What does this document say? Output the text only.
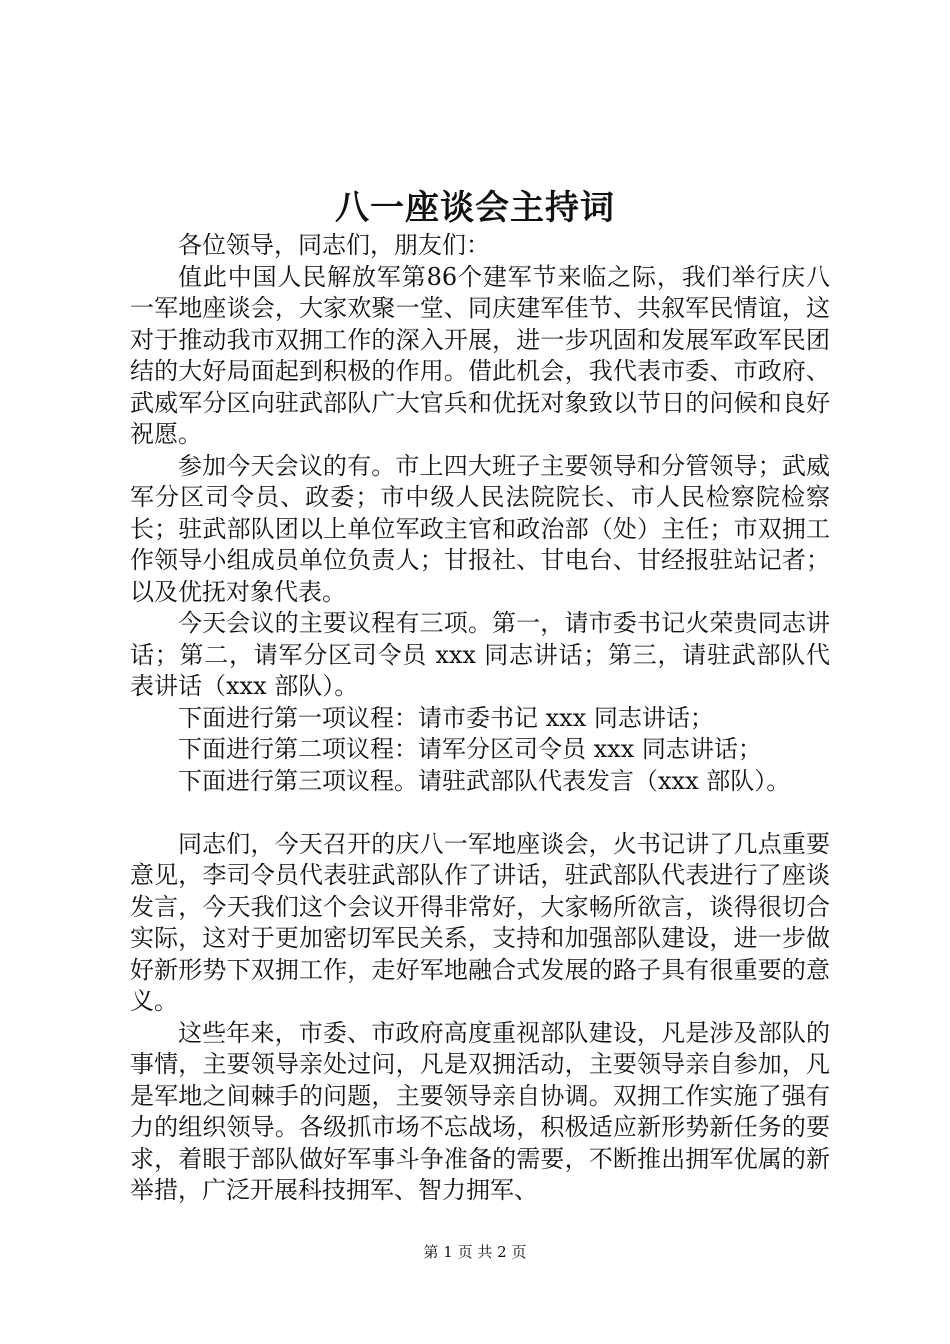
八一座谈会主持词

各位领导，同志们，朋友们：

值此中国人民解放军第86个建军节来临之际，我们举行庆八一军地座谈会，大家欢聚一堂、同庆建军佳节、共叙军民情谊，这对于推动我市双拥工作的深入开展，进一步巩固和发展军政军民团结的大好局面起到积极的作用。借此机会，我代表市委、市政府、武威军分区向驻武部队广大官兵和优抚对象致以节日的问候和良好祝愿。

参加今天会议的有。市上四大班子主要领导和分管领导；武威军分区司令员、政委；市中级人民法院院长、市人民检察院检察长；驻武部队团以上单位军政主官和政治部（处）主任；市双拥工作领导小组成员单位负责人；甘报社、甘电台、甘经报驻站记者；以及优抚对象代表。

今天会议的主要议程有三项。第一，请市委书记火荣贵同志讲话；第二，请军分区司令员 xxx 同志讲话；第三，请驻武部队代表讲话（xxx 部队）。

下面进行第一项议程：请市委书记 xxx 同志讲话；

下面进行第二项议程：请军分区司令员 xxx 同志讲话；

下面进行第三项议程。请驻武部队代表发言（xxx 部队）。

同志们，今天召开的庆八一军地座谈会，火书记讲了几点重要意见，李司令员代表驻武部队作了讲话，驻武部队代表进行了座谈发言，今天我们这个会议开得非常好，大家畅所欲言，谈得很切合实际，这对于更加密切军民关系，支持和加强部队建设，进一步做好新形势下双拥工作，走好军地融合式发展的路子具有很重要的意义。

这些年来，市委、市政府高度重视部队建设，凡是涉及部队的事情，主要领导亲处过问，凡是双拥活动，主要领导亲自参加，凡是军地之间棘手的问题，主要领导亲自协调。双拥工作实施了强有力的组织领导。各级抓市场不忘战场，积极适应新形势新任务的要求，着眼于部队做好军事斗争准备的需要，不断推出拥军优属的新举措，广泛开展科技拥军、智力拥军、

第 1 页 共 2 页
